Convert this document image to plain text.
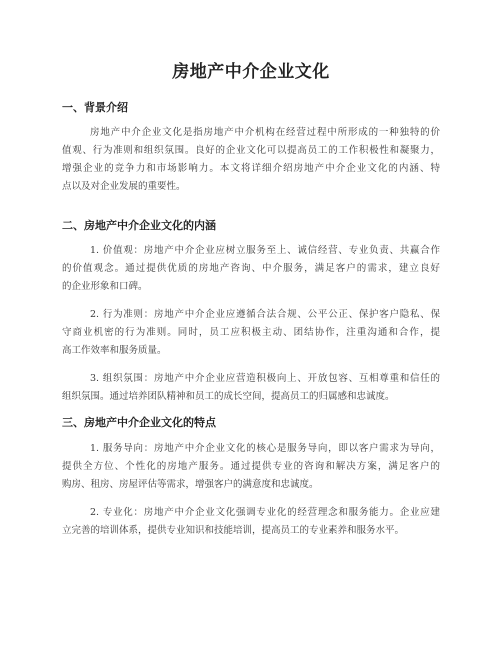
房地产中介企业文化
一、背景介绍
房地产中介企业文化是指房地产中介机构在经营过程中所形成的一种独特的价
值观、行为准则和组织氛围。良好的企业文化可以提高员工的工作积极性和凝聚力，
增强企业的竞争力和市场影响力。本文将详细介绍房地产中介企业文化的内涵、特
点以及对企业发展的重要性。
二、房地产中介企业文化的内涵
1. 价值观：房地产中介企业应树立服务至上、诚信经营、专业负责、共赢合作
的价值观念。通过提供优质的房地产咨询、中介服务，满足客户的需求，建立良好
的企业形象和口碑。
2. 行为准则：房地产中介企业应遵循合法合规、公平公正、保护客户隐私、保
守商业机密的行为准则。同时，员工应积极主动、团结协作，注重沟通和合作，提
高工作效率和服务质量。
3. 组织氛围：房地产中介企业应营造积极向上、开放包容、互相尊重和信任的
组织氛围。通过培养团队精神和员工的成长空间，提高员工的归属感和忠诚度。
三、房地产中介企业文化的特点
1. 服务导向：房地产中介企业文化的核心是服务导向，即以客户需求为导向，
提供全方位、个性化的房地产服务。通过提供专业的咨询和解决方案，满足客户的
购房、租房、房屋评估等需求，增强客户的满意度和忠诚度。
2. 专业化：房地产中介企业文化强调专业化的经营理念和服务能力。企业应建
立完善的培训体系，提供专业知识和技能培训，提高员工的专业素养和服务水平。
